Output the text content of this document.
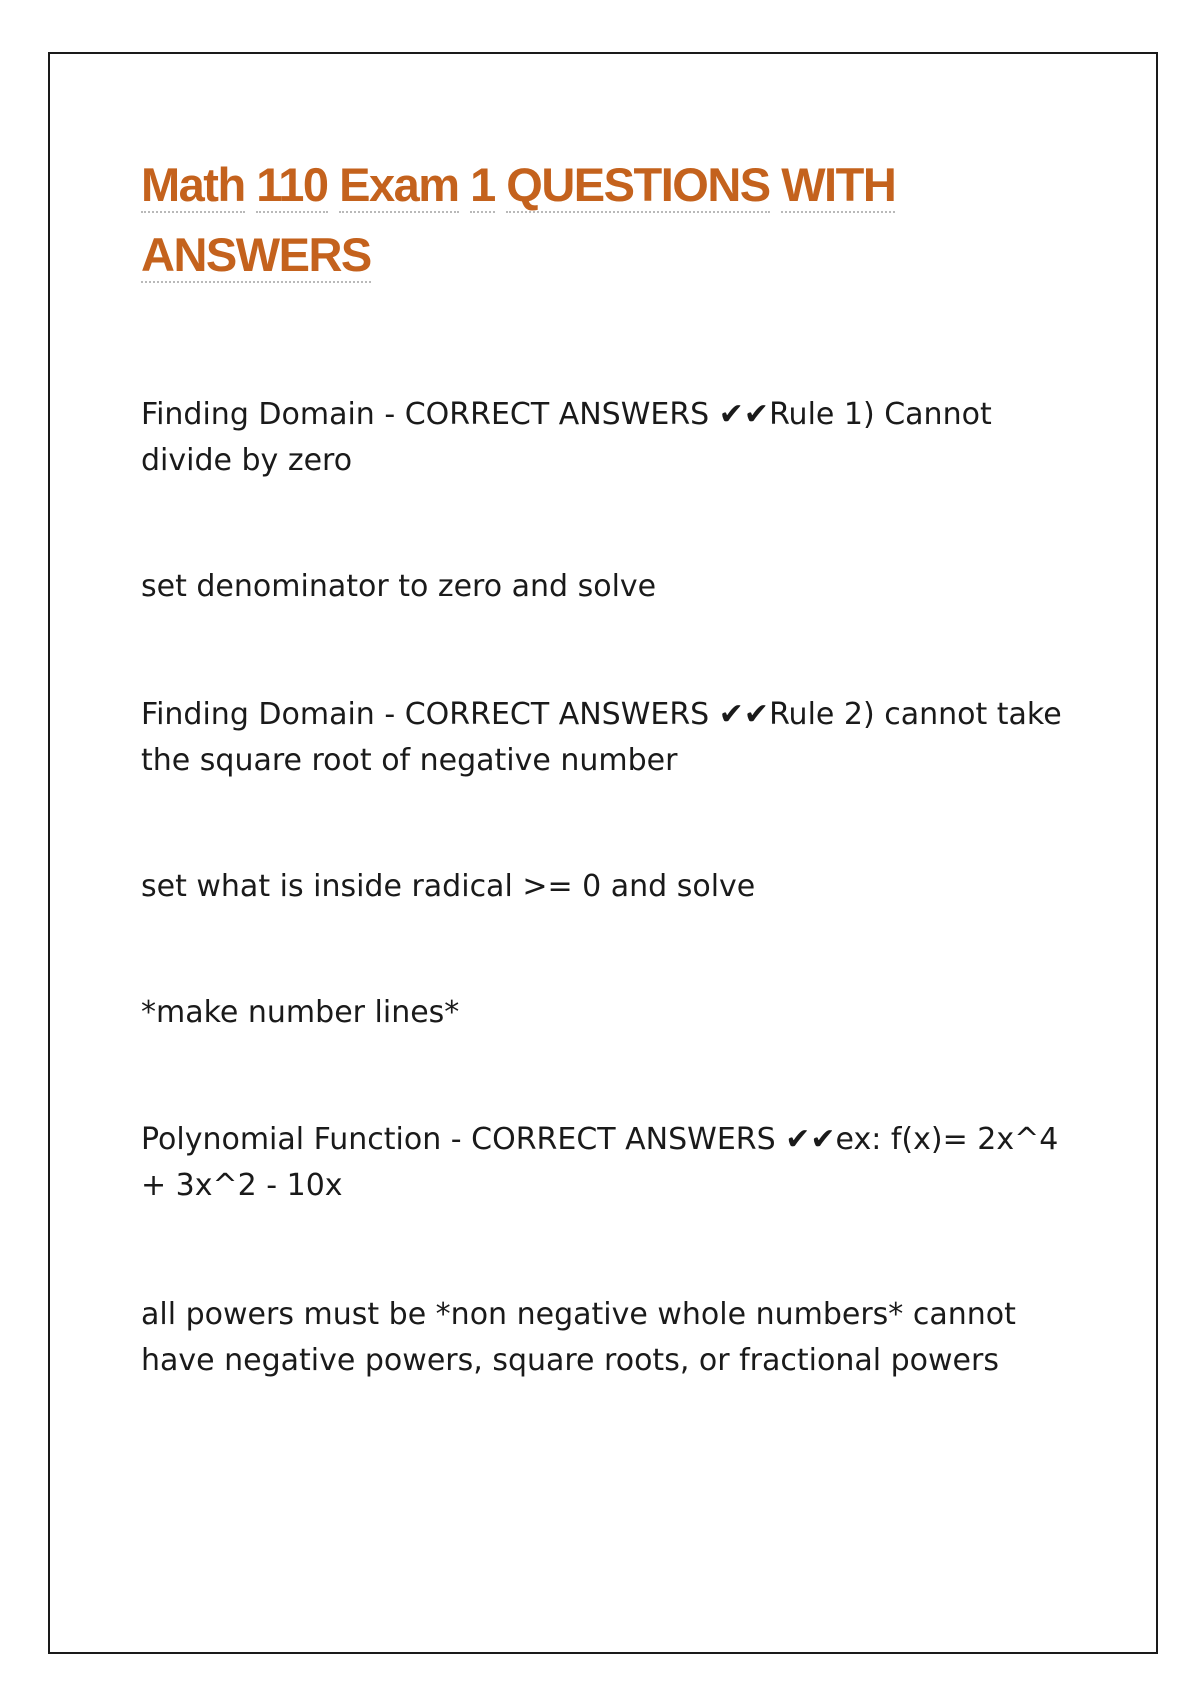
Math 110 Exam 1 QUESTIONS WITH
ANSWERS

Finding Domain - CORRECT ANSWERS ✔✔Rule 1) Cannot divide by zero

set denominator to zero and solve

Finding Domain - CORRECT ANSWERS ✔✔Rule 2) cannot take the square root of negative number

set what is inside radical >= 0 and solve

*make number lines*

Polynomial Function - CORRECT ANSWERS ✔✔ex: f(x)= 2x^4 + 3x^2 - 10x

all powers must be *non negative whole numbers* cannot have negative powers, square roots, or fractional powers
